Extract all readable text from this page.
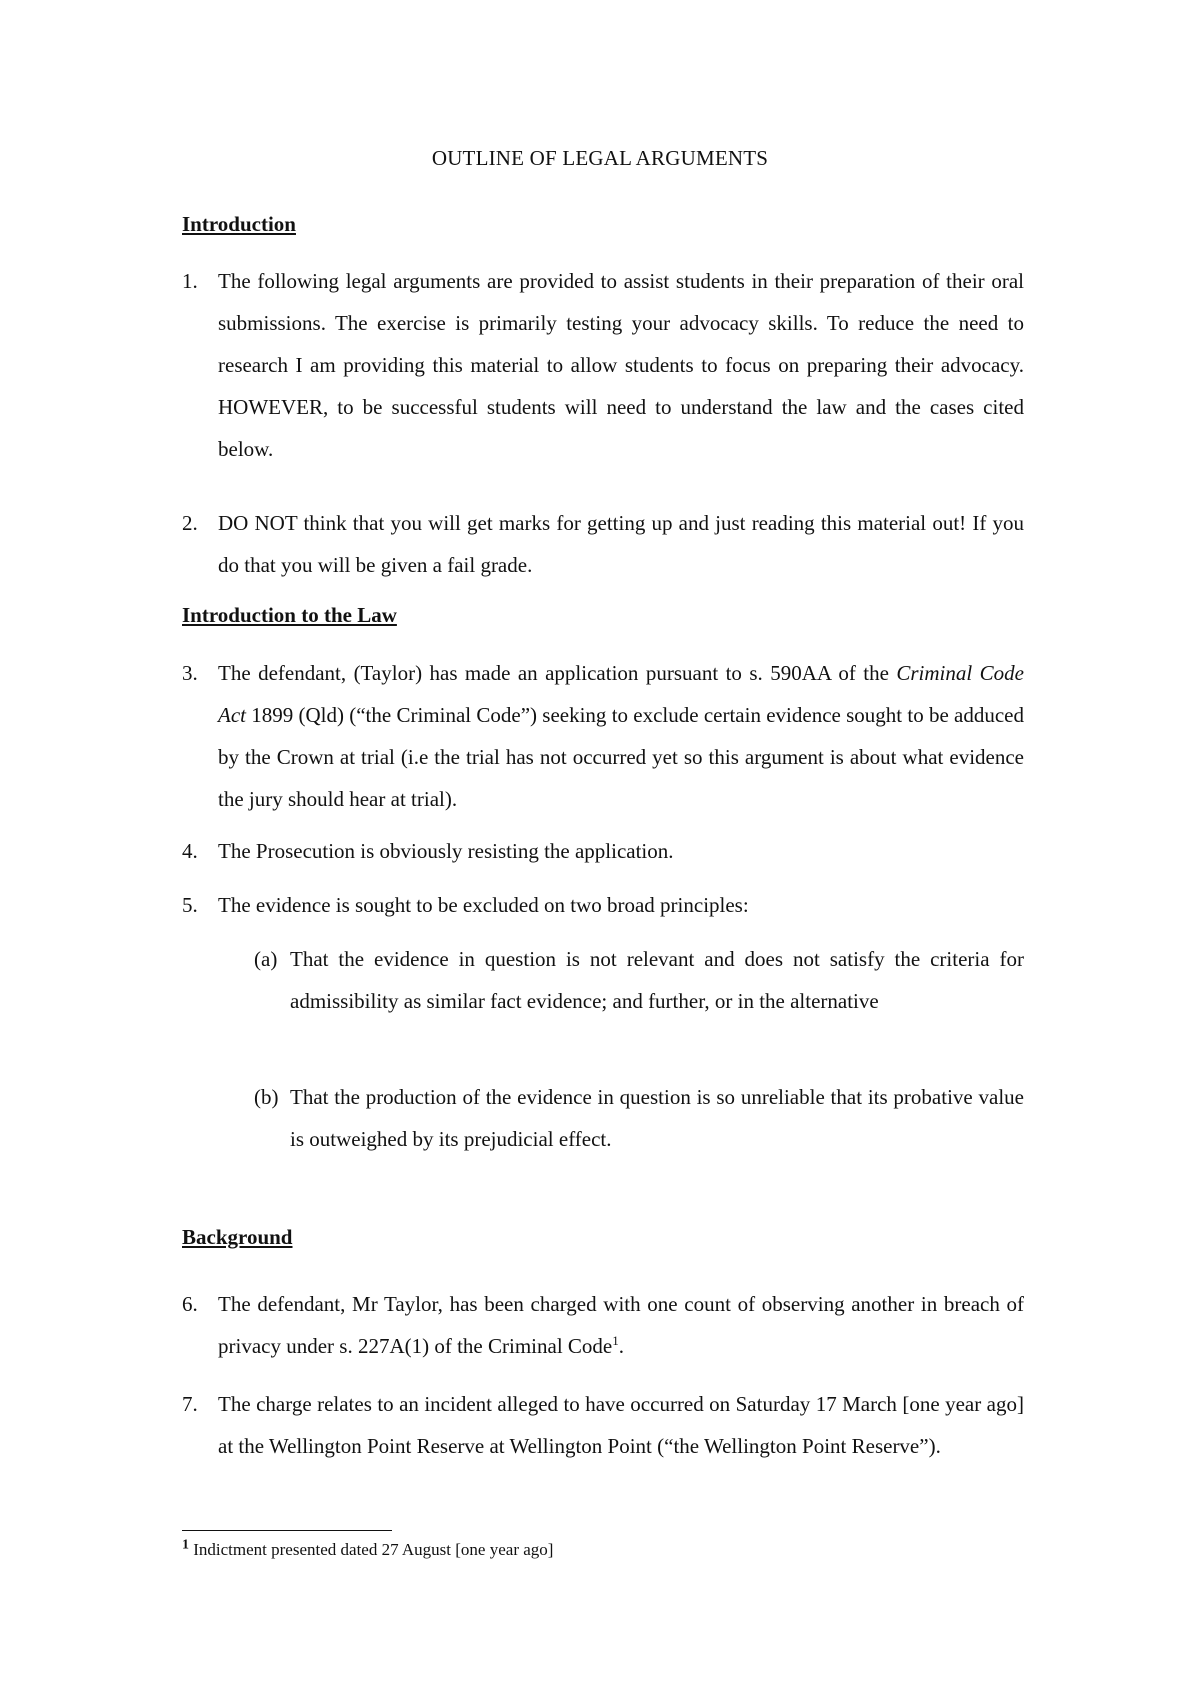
OUTLINE OF LEGAL ARGUMENTS
Introduction
1. The following legal arguments are provided to assist students in their preparation of their oral submissions. The exercise is primarily testing your advocacy skills. To reduce the need to research I am providing this material to allow students to focus on preparing their advocacy. HOWEVER, to be successful students will need to understand the law and the cases cited below.
2. DO NOT think that you will get marks for getting up and just reading this material out! If you do that you will be given a fail grade.
Introduction to the Law
3. The defendant, (Taylor) has made an application pursuant to s. 590AA of the Criminal Code Act 1899 (Qld) (“the Criminal Code”) seeking to exclude certain evidence sought to be adduced by the Crown at trial (i.e the trial has not occurred yet so this argument is about what evidence the jury should hear at trial).
4. The Prosecution is obviously resisting the application.
5. The evidence is sought to be excluded on two broad principles:
(a) That the evidence in question is not relevant and does not satisfy the criteria for admissibility as similar fact evidence; and further, or in the alternative
(b) That the production of the evidence in question is so unreliable that its probative value is outweighed by its prejudicial effect.
Background
6. The defendant, Mr Taylor, has been charged with one count of observing another in breach of privacy under s. 227A(1) of the Criminal Code$^1$.
7. The charge relates to an incident alleged to have occurred on Saturday 17 March [one year ago] at the Wellington Point Reserve at Wellington Point (“the Wellington Point Reserve”).

$^1$ Indictment presented dated 27 August [one year ago]
